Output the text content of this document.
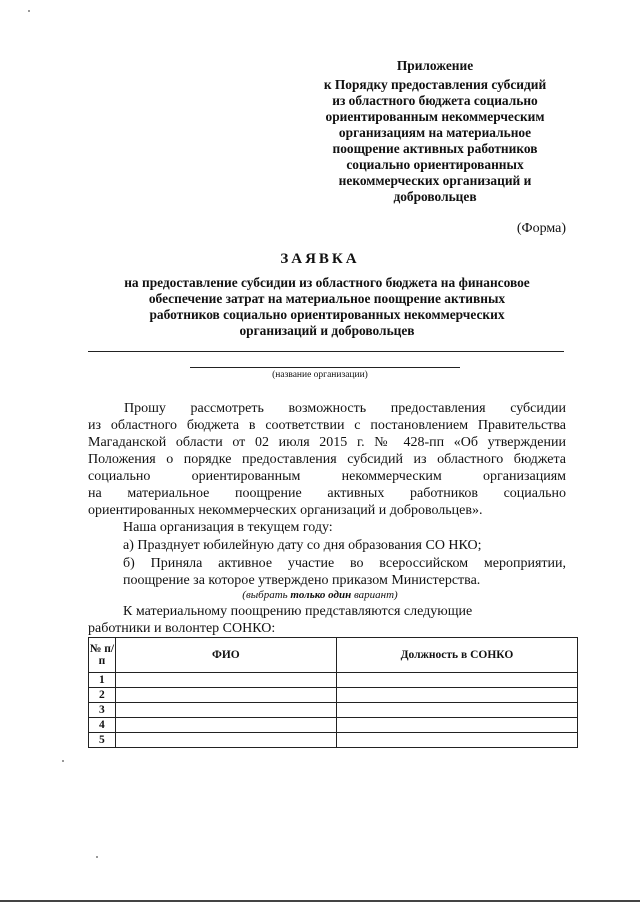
Приложение
к Порядку предоставления субсидий
из областного бюджета социально
ориентированным некоммерческим
организациям на материальное
поощрение активных работников
социально ориентированных
некоммерческих организаций и
добровольцев
(Форма)
ЗАЯВКА
на предоставление субсидии из областного бюджета на финансовое
обеспечение затрат на материальное поощрение активных
работников социально ориентированных некоммерческих
организаций и добровольцев
(название организации)
Прошу рассмотреть возможность предоставления субсидии
из областного бюджета в соответствии с постановлением Правительства
Магаданской области от 02 июля 2015 г. № 428-пп «Об утверждении
Положения о порядке предоставления субсидий из областного бюджета
социально ориентированным некоммерческим организациям
на материальное поощрение активных работников социально
ориентированных некоммерческих организаций и добровольцев».
Наша организация в текущем году:
а) Празднует юбилейную дату со дня образования СО НКО;
б) Приняла активное участие во всероссийском мероприятии,
поощрение за которое утверждено приказом Министерства.
(выбрать только один вариант)
К материальному поощрению представляются следующие
работники и волонтер СОНКО:
№ п/п	ФИО	Должность в СОНКО
1		
2		
3		
4		
5		
